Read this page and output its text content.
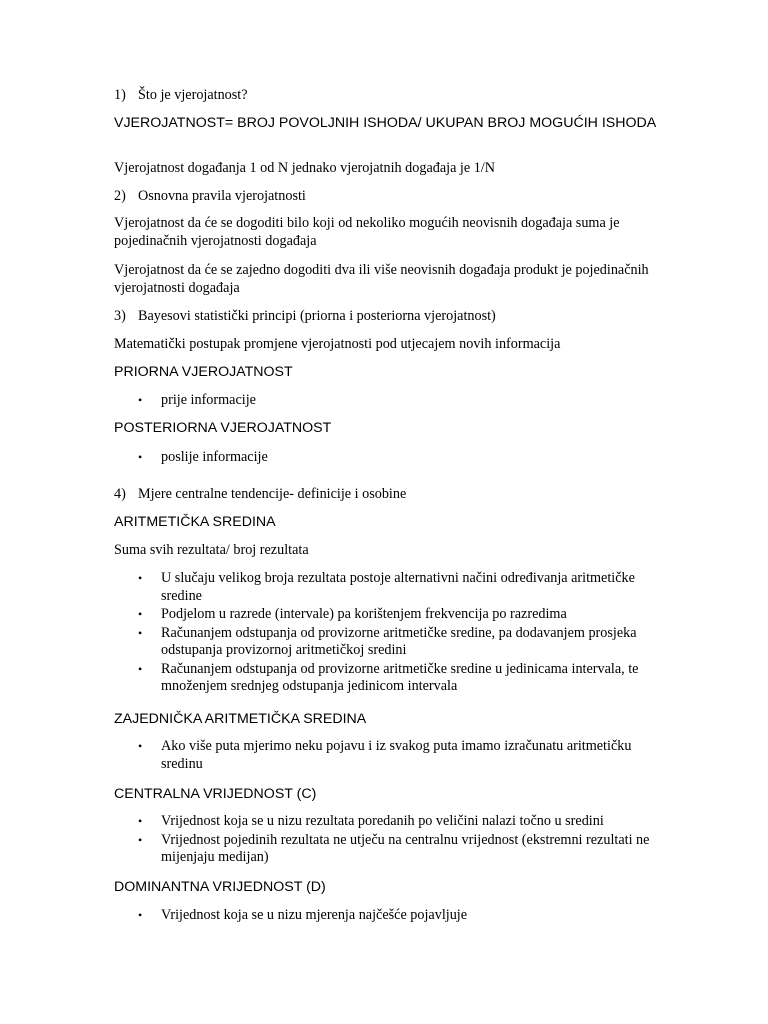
1) Što je vjerojatnost?

VJEROJATNOST= BROJ POVOLJNIH ISHODA/ UKUPAN BROJ MOGUĆIH ISHODA

Vjerojatnost događanja 1 od N jednako vjerojatnih događaja je 1/N

2) Osnovna pravila vjerojatnosti

Vjerojatnost da će se dogoditi bilo koji od nekoliko mogućih neovisnih događaja suma je pojedinačnih vjerojatnosti događaja

Vjerojatnost da će se zajedno dogoditi dva ili više neovisnih događaja produkt je pojedinačnih vjerojatnosti događaja

3) Bayesovi statistički principi (priorna i posteriorna vjerojatnost)

Matematički postupak promjene vjerojatnosti pod utjecajem novih informacija

PRIORNA VJEROJATNOST

• prije informacije

POSTERIORNA VJEROJATNOST

• poslije informacije
4) Mjere centralne tendencije- definicije i osobine

ARITMETIČKA SREDINA

Suma svih rezultata/ broj rezultata

• U slučaju velikog broja rezultata postoje alternativni načini određivanja aritmetičke sredine
• Podjelom u razrede (intervale) pa korištenjem frekvencija po razredima
• Računanjem odstupanja od provizorne aritmetičke sredine, pa dodavanjem prosjeka odstupanja provizornoj aritmetičkoj sredini
• Računanjem odstupanja od provizorne aritmetičke sredine u jedinicama intervala, te množenjem srednjeg odstupanja jedinicom intervala

ZAJEDNIČKA ARITMETIČKA SREDINA

• Ako više puta mjerimo neku pojavu i iz svakog puta imamo izračunatu aritmetičku sredinu

CENTRALNA VRIJEDNOST (C)

• Vrijednost koja se u nizu rezultata poredanih po veličini nalazi točno u sredini
• Vrijednost pojedinih rezultata ne utječu na centralnu vrijednost (ekstremni rezultati ne mijenjaju medijan)

DOMINANTNA VRIJEDNOST (D)

• Vrijednost koja se u nizu mjerenja najčešće pojavljuje
